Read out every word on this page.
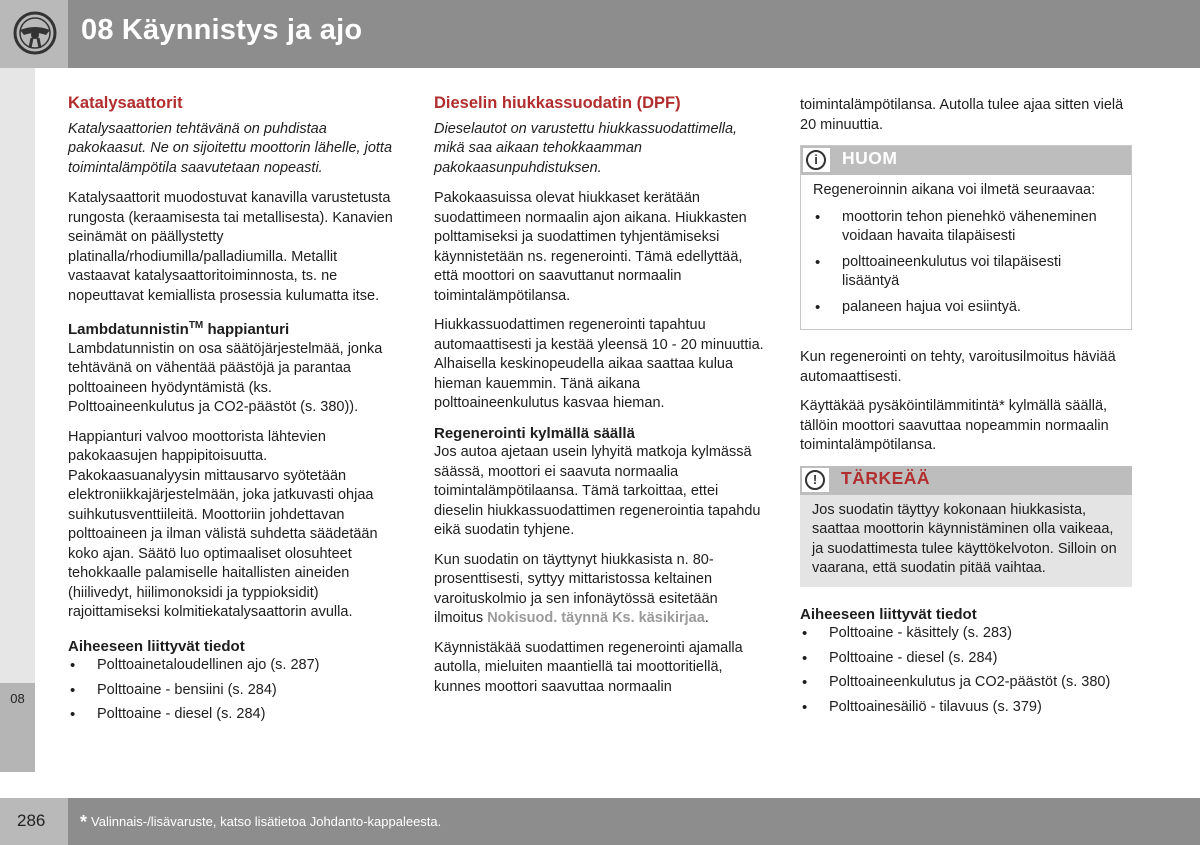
08 Käynnistys ja ajo
08
Katalysaattorit

Katalysaattorien tehtävänä on puhdistaa pakokaasut. Ne on sijoitettu moottorin lähelle, jotta toimintalämpötila saavutetaan nopeasti.

Katalysaattorit muodostuvat kanavilla varustetusta rungosta (keraamisesta tai metallisesta). Kanavien seinämät on päällystetty platinalla/rhodiumilla/palladiumilla. Metallit vastaavat katalysaattoritoiminnosta, ts. ne nopeuttavat kemiallista prosessia kulumatta itse.

Lambdatunnistin™ happianturi

Lambdatunnistin on osa säätöjärjestelmää, jonka tehtävänä on vähentää päästöjä ja parantaa polttoaineen hyödyntämistä (ks. Polttoaineenkulutus ja CO2-päästöt (s. 380)).

Happianturi valvoo moottorista lähtevien pakokaasujen happipitoisuutta. Pakokaasuanalyysin mittausarvo syötetään elektroniikkajärjestelmään, joka jatkuvasti ohjaa suihkutusventtiileitä. Moottoriin johdettavan polttoaineen ja ilman välistä suhdetta säädetään koko ajan. Säätö luo optimaaliset olosuhteet tehokkaalle palamiselle haitallisten aineiden (hiilivedyt, hiilimonoksidi ja typpioksidit) rajoittamiseksi kolmitiekatalysaattorin avulla.

Aiheeseen liittyvät tiedot
• Polttoainetaloudellinen ajo (s. 287)
• Polttoaine - bensiini (s. 284)
• Polttoaine - diesel (s. 284)
Dieselin hiukkassuodatin (DPF)

Dieselautot on varustettu hiukkassuodattimella, mikä saa aikaan tehokkaamman pakokaasunpuhdistuksen.

Pakokaasuissa olevat hiukkaset kerätään suodattimeen normaalin ajon aikana. Hiukkasten polttamiseksi ja suodattimen tyhjentämiseksi käynnistetään ns. regenerointi. Tämä edellyttää, että moottori on saavuttanut normaalin toimintalämpötilansa.

Hiukkassuodattimen regenerointi tapahtuu automaattisesti ja kestää yleensä 10 - 20 minuuttia. Alhaisella keskinopeudella aikaa saattaa kulua hieman kauemmin. Tänä aikana polttoaineenkulutus kasvaa hieman.

Regenerointi kylmällä säällä

Jos autoa ajetaan usein lyhyitä matkoja kylmässä säässä, moottori ei saavuta normaalia toimintalämpötilaansa. Tämä tarkoittaa, ettei dieselin hiukkassuodattimen regenerointia tapahdu eikä suodatin tyhjene.

Kun suodatin on täyttynyt hiukkasista n. 80-prosenttisesti, syttyy mittaristossa keltainen varoituskolmio ja sen infonäytössä esitetään ilmoitus Nokisuod. täynnä Ks. käsikirjaa.

Käynnistäkää suodattimen regenerointi ajamalla autolla, mieluiten maantiellä tai moottoritiellä, kunnes moottori saavuttaa normaalin

toimintalämpötilansa. Autolla tulee ajaa sitten vielä 20 minuuttia.

i	HUOM

Regeneroinnin aikana voi ilmetä seuraavaa:

• moottorin tehon pienehkö väheneminen voidaan havaita tilapäisesti
• polttoaineenkulutus voi tilapäisesti lisääntyä
• palaneen hajua voi esiintyä.

Kun regenerointi on tehty, varoitusilmoitus häviää automaattisesti.

Käyttäkää pysäköintilämmitintä* kylmällä säällä, tällöin moottori saavuttaa nopeammin normaalin toimintalämpötilansa.

!	TÄRKEÄÄ

Jos suodatin täyttyy kokonaan hiukkasista, saattaa moottorin käynnistäminen olla vaikeaa, ja suodattimesta tulee käyttökelvoton. Silloin on vaarana, että suodatin pitää vaihtaa.

Aiheeseen liittyvät tiedot
• Polttoaine - käsittely (s. 283)
• Polttoaine - diesel (s. 284)
• Polttoaineenkulutus ja CO2-päästöt (s. 380)
• Polttoainesäiliö - tilavuus (s. 379)
286 * Valinnais-/lisävaruste, katso lisätietoa Johdanto-kappaleesta.
